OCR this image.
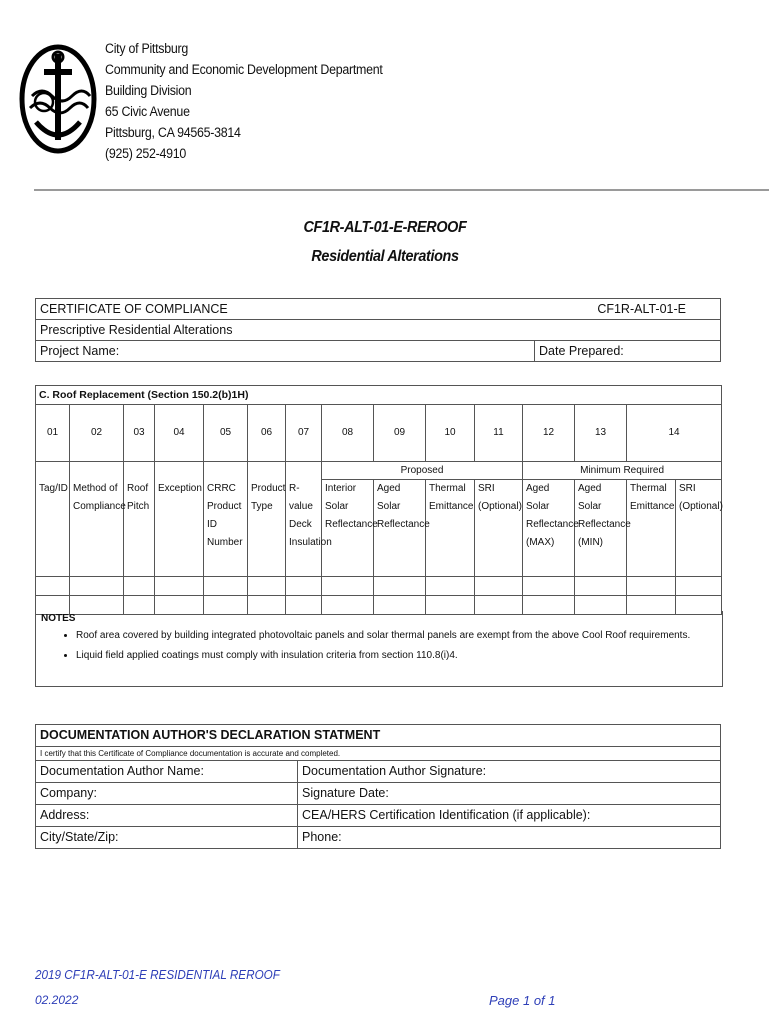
City of Pittsburg
Community and Economic Development Department
Building Division
65 Civic Avenue
Pittsburg, CA 94565-3814
(925) 252-4910
CF1R-ALT-01-E-REROOF
Residential Alterations
CERTIFICATE OF COMPLIANCE	CF1R-ALT-01-E

Prescriptive Residential Alterations
Project Name:	Date Prepared:
C. Roof Replacement (Section 150.2(b)1H)														
01	02	03	04	05	06	07	08	09	10	11	12	13	14	
							Proposed				Minimum Required			
Tag/ID	Method of Compliance	Roof Pitch	Exception	CRRC Product ID Number	Product Type	R-value Deck Insulation	Interior Solar Reflectance	Aged Solar Reflectance	Thermal Emittance	SRI (Optional)	Aged Solar Reflectance (MAX)	Aged Solar Reflectance (MIN)	Thermal Emittance	SRI (Optional)

NOTES
• Roof area covered by building integrated photovoltaic panels and solar thermal panels are exempt from the above Cool Roof requirements.
• Liquid field applied coatings must comply with insulation criteria from section 110.8(i)4.
DOCUMENTATION AUTHOR'S DECLARATION STATMENT	
I certify that this Certificate of Compliance documentation is accurate and completed.	
Documentation Author Name:	Documentation Author Signature:
Company:	Signature Date:
Address:	CEA/HERS Certification Identification (if applicable):
City/State/Zip:	Phone:
2019 CF1R-ALT-01-E RESIDENTIAL REROOF
02.2022	Page 1 of 1
